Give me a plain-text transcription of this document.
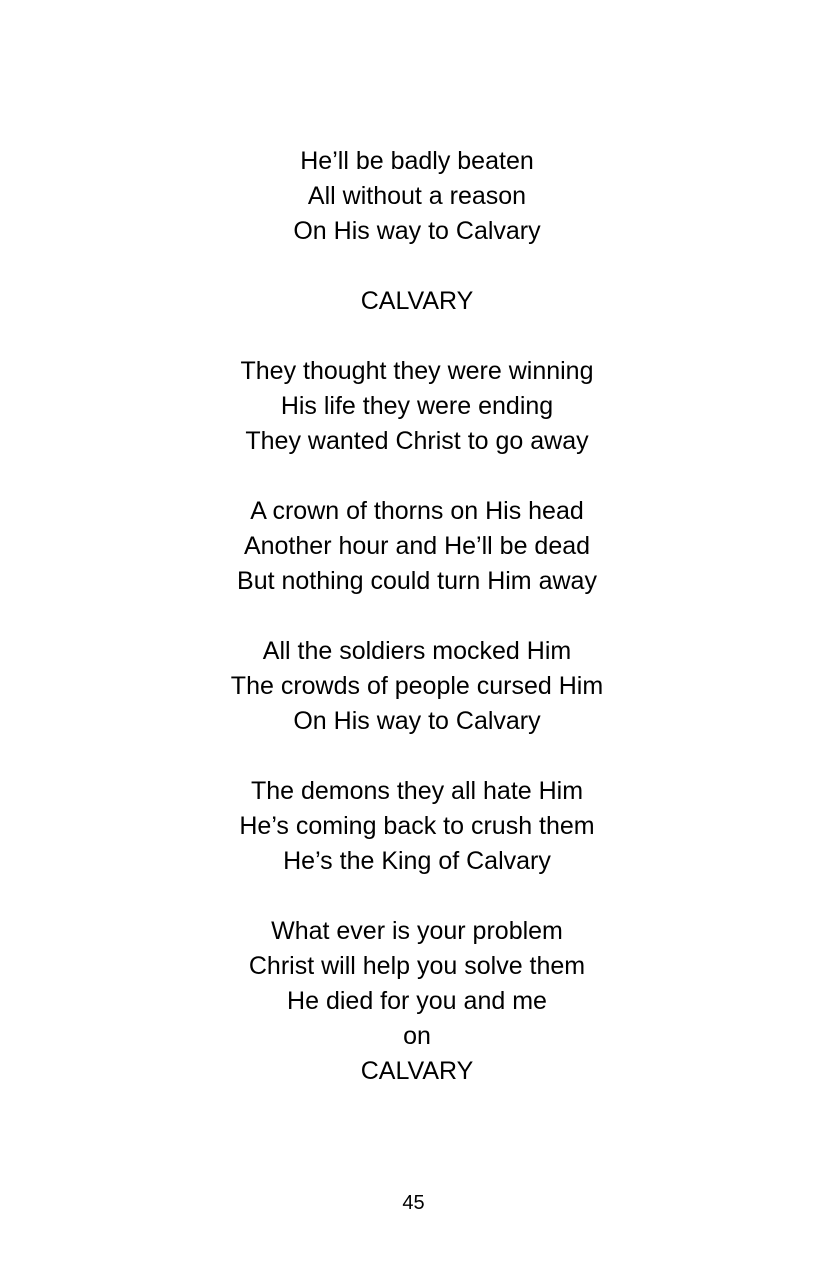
He’ll be badly beaten
All without a reason
On His way to Calvary
CALVARY
They thought they were winning
His life they were ending
They wanted Christ to go away
A crown of thorns on His head
Another hour and He’ll be dead
But nothing could turn Him away
All the soldiers mocked Him
The crowds of people cursed Him
On His way to Calvary
The demons they all hate Him
He’s coming back to crush them
He’s the King of Calvary
What ever is your problem
Christ will help you solve them
He died for you and me
on
CALVARY
45
